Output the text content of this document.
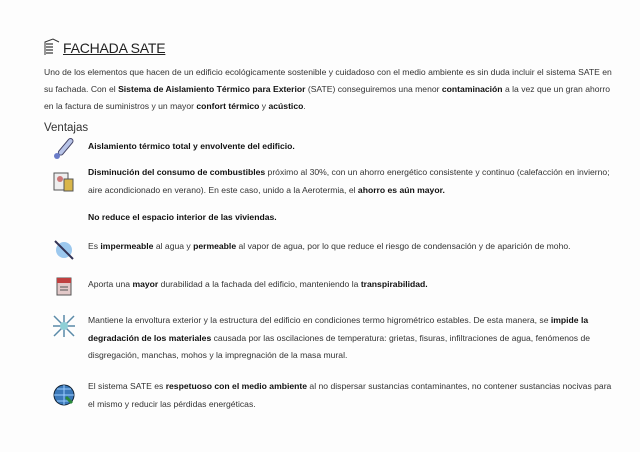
FACHADA SATE
Uno de los elementos que hacen de un edificio ecológicamente sostenible y cuidadoso con el medio ambiente es sin duda incluir el sistema SATE en su fachada. Con el Sistema de Aislamiento Térmico para Exterior (SATE) conseguiremos una menor contaminación a la vez que un gran ahorro en la factura de suministros y un mayor confort térmico y acústico.
Ventajas
Aislamiento térmico total y envolvente del edificio.
Disminución del consumo de combustibles próximo al 30%, con un ahorro energético consistente y continuo (calefacción en invierno; aire acondicionado en verano). En este caso, unido a la Aerotermia, el ahorro es aún mayor.
No reduce el espacio interior de las viviendas.
Es impermeable al agua y permeable al vapor de agua, por lo que reduce el riesgo de condensación y de aparición de moho.
Aporta una mayor durabilidad a la fachada del edificio, manteniendo la transpirabilidad.
Mantiene la envoltura exterior y la estructura del edificio en condiciones termo higrométrico estables. De esta manera, se impide la degradación de los materiales causada por las oscilaciones de temperatura: grietas, fisuras, infiltraciones de agua, fenómenos de disgregación, manchas, mohos y la impregnación de la masa mural.
El sistema SATE es respetuoso con el medio ambiente al no dispersar sustancias contaminantes, no contener sustancias nocivas para el mismo y reducir las pérdidas energéticas.
